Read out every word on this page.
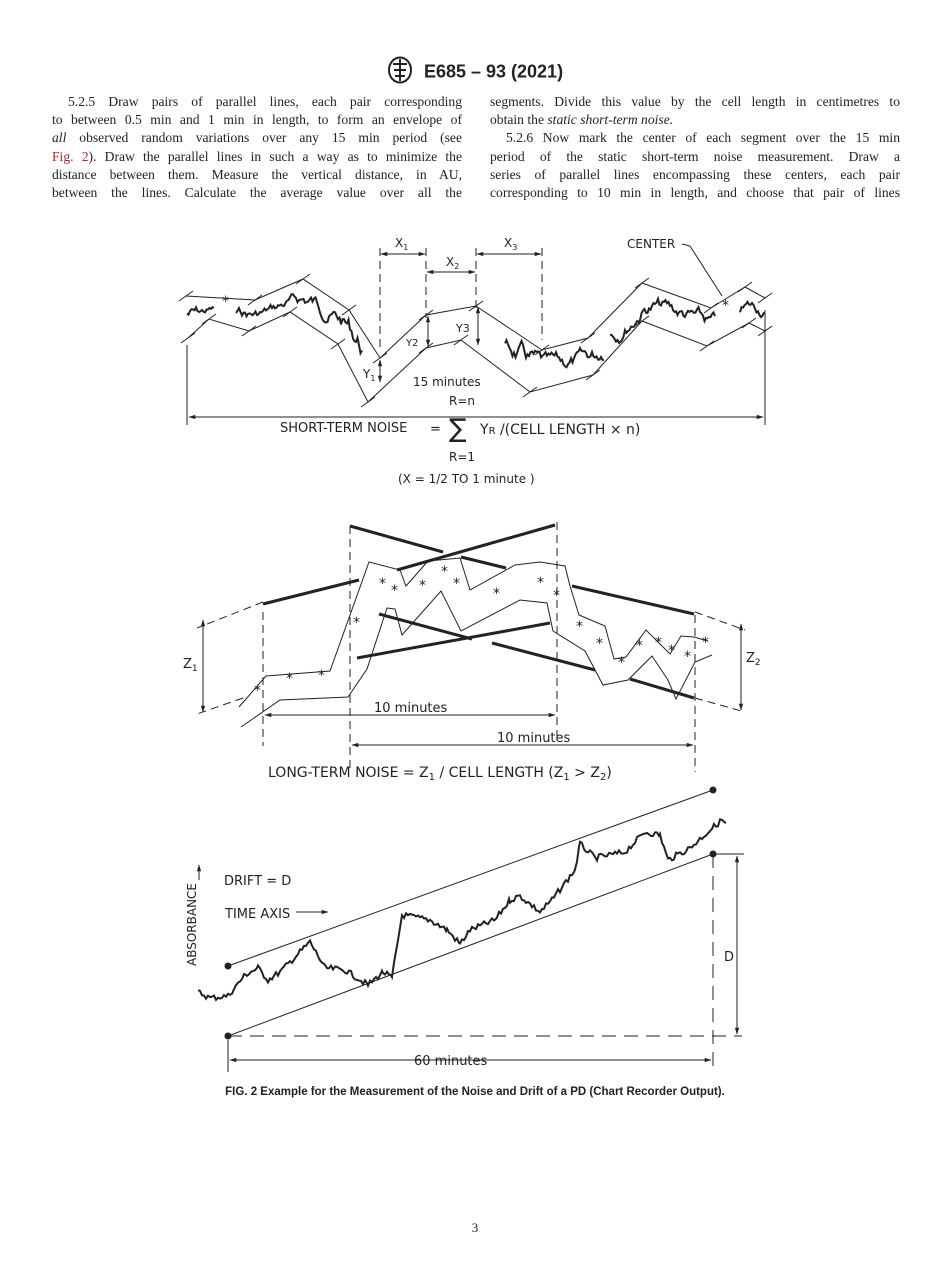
E685 – 93 (2021)
5.2.5 Draw pairs of parallel lines, each pair corresponding
to between 0.5 min and 1 min in length, to form an envelope of
all observed random variations over any 15 min period (see
Fig. 2). Draw the parallel lines in such a way as to minimize the
distance between them. Measure the vertical distance, in AU,
between the lines. Calculate the average value over all the
segments. Divide this value by the cell length in centimetres to
obtain the static short-term noise.
5.2.6 Now mark the center of each segment over the 15 min
period of the static short-term noise measurement. Draw a
series of parallel lines encompassing these centers, each pair
corresponding to 10 min in length, and choose that pair of lines
$X_1$
$X_2$
$X_3$
$Y_1$
Y2
Y3
CENTER
*	*
15 minutes
SHORT-TERM NOISE =
R=n
∑
R=1
YR /(CELL LENGTH × n)
(X = 1/2 TO 1 minute )
*
* * *
*
*
*
*
*
*
*
*
* * * *
*
*
* *
$Z_1$
$Z_2$
10 minutes
10 minutes
LONG-TERM NOISE = $Z_1$ / CELL LENGTH $(Z_1 > Z_2)$
ABSORBANCE
DRIFT = D
TIME AXIS
D
60 minutes
FIG. 2 Example for the Measurement of the Noise and Drift of a PD (Chart Recorder Output).
3
